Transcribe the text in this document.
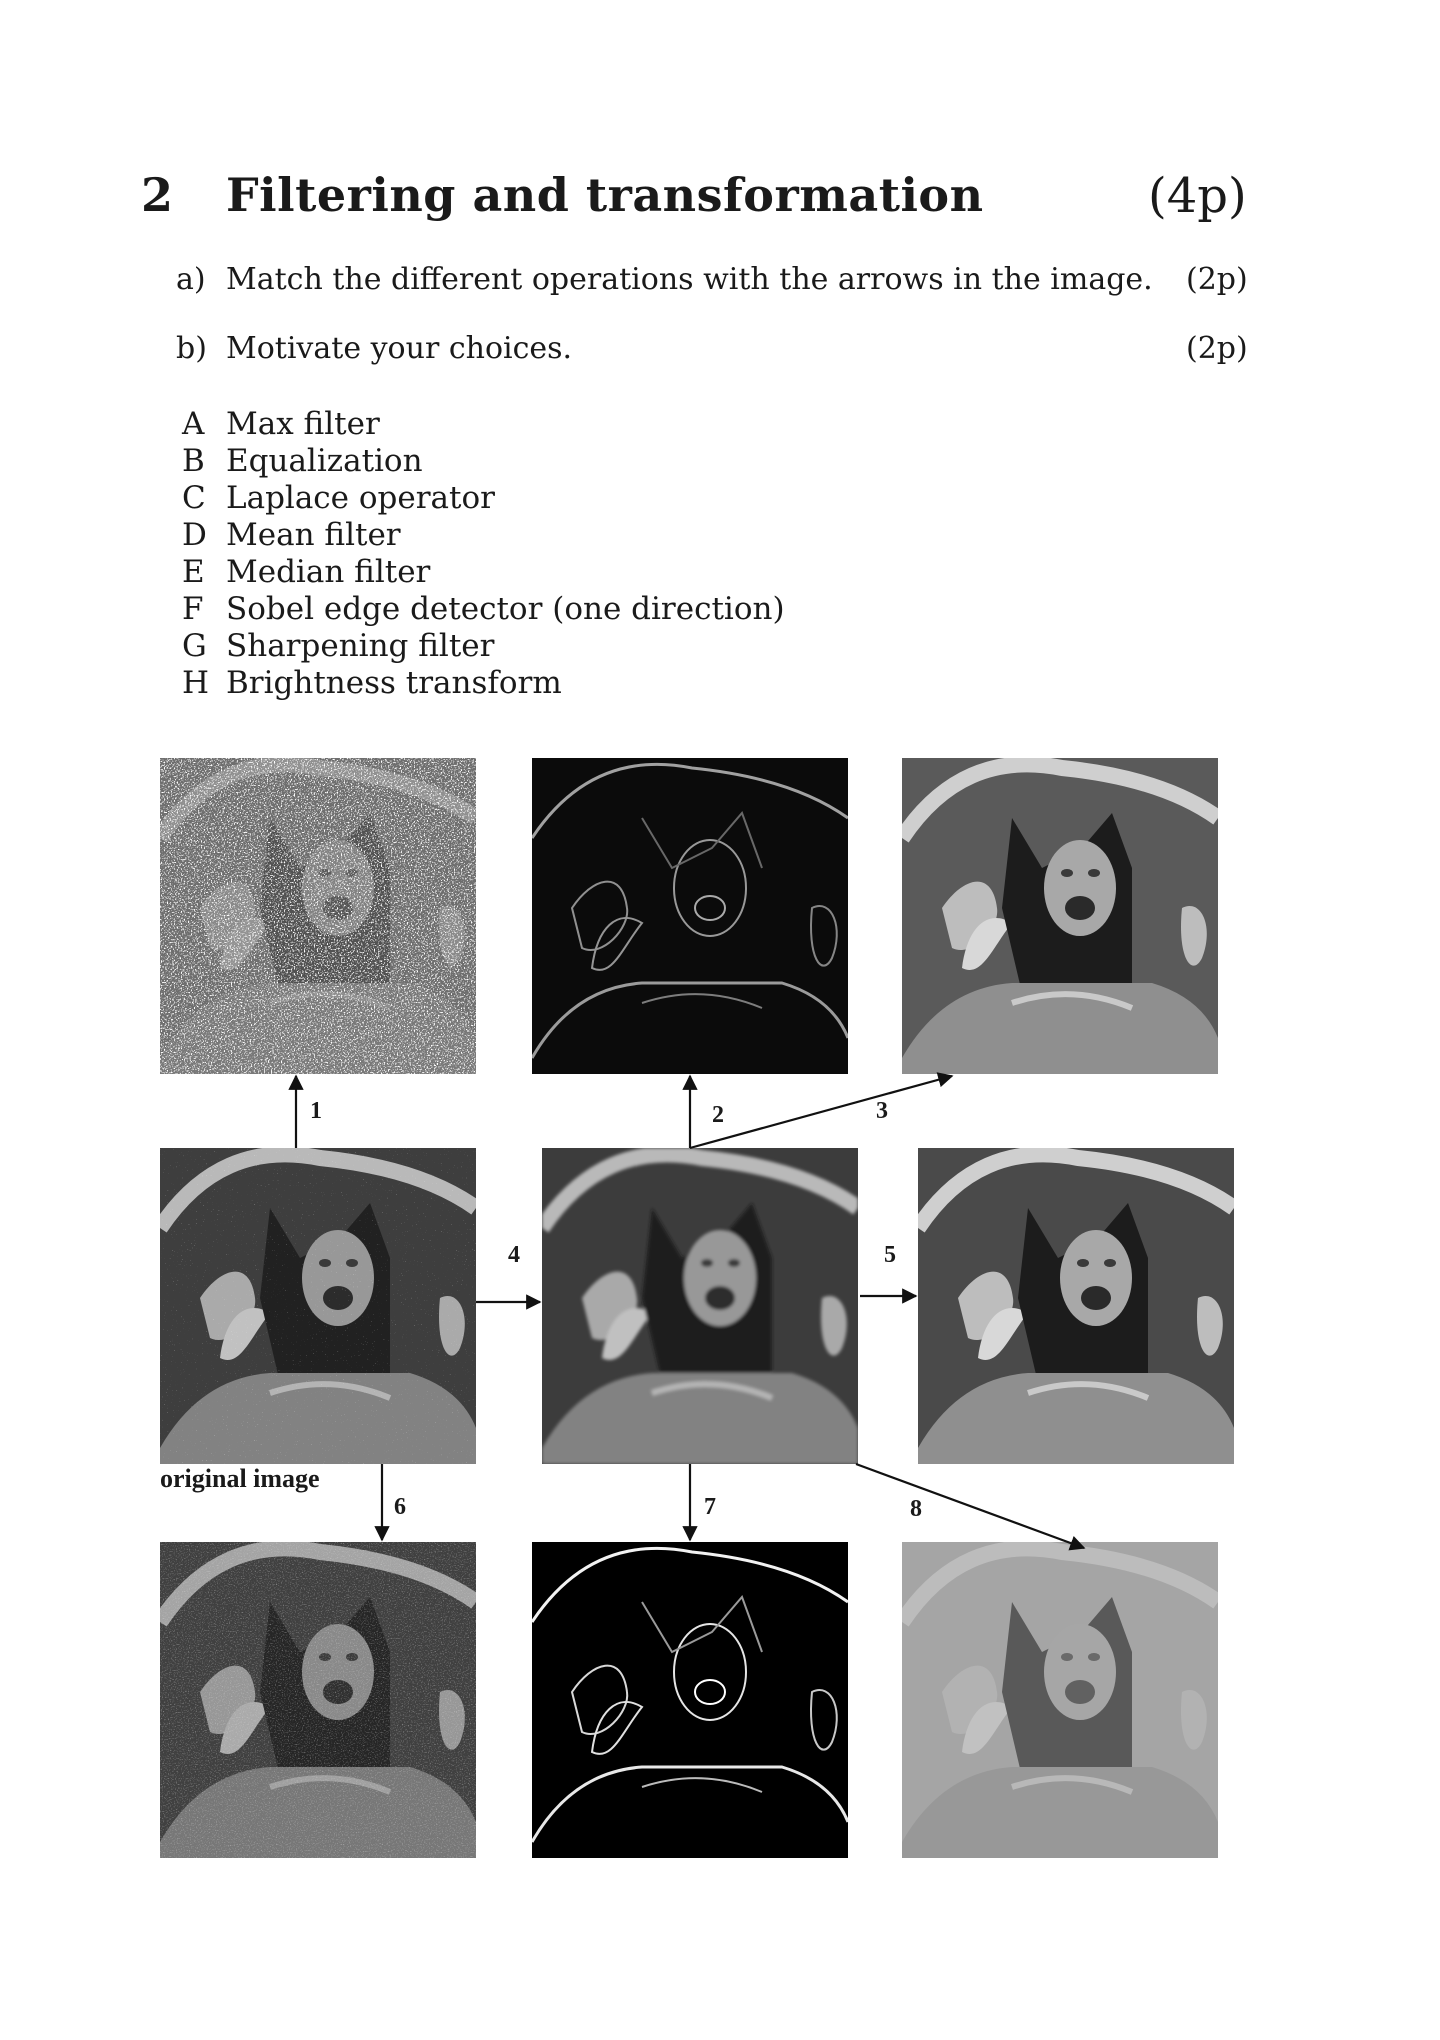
2 Filtering and transformation	(4p)
a) Match the different operations with the arrows in the image. (2p)
b) Motivate your choices.	(2p)
A Max filter
B Equalization
C Laplace operator
D Mean filter
E Median filter
F Sobel edge detector (one direction)
G Sharpening filter
H Brightness transform
1	2	3
4	5
6	7	8
original image
